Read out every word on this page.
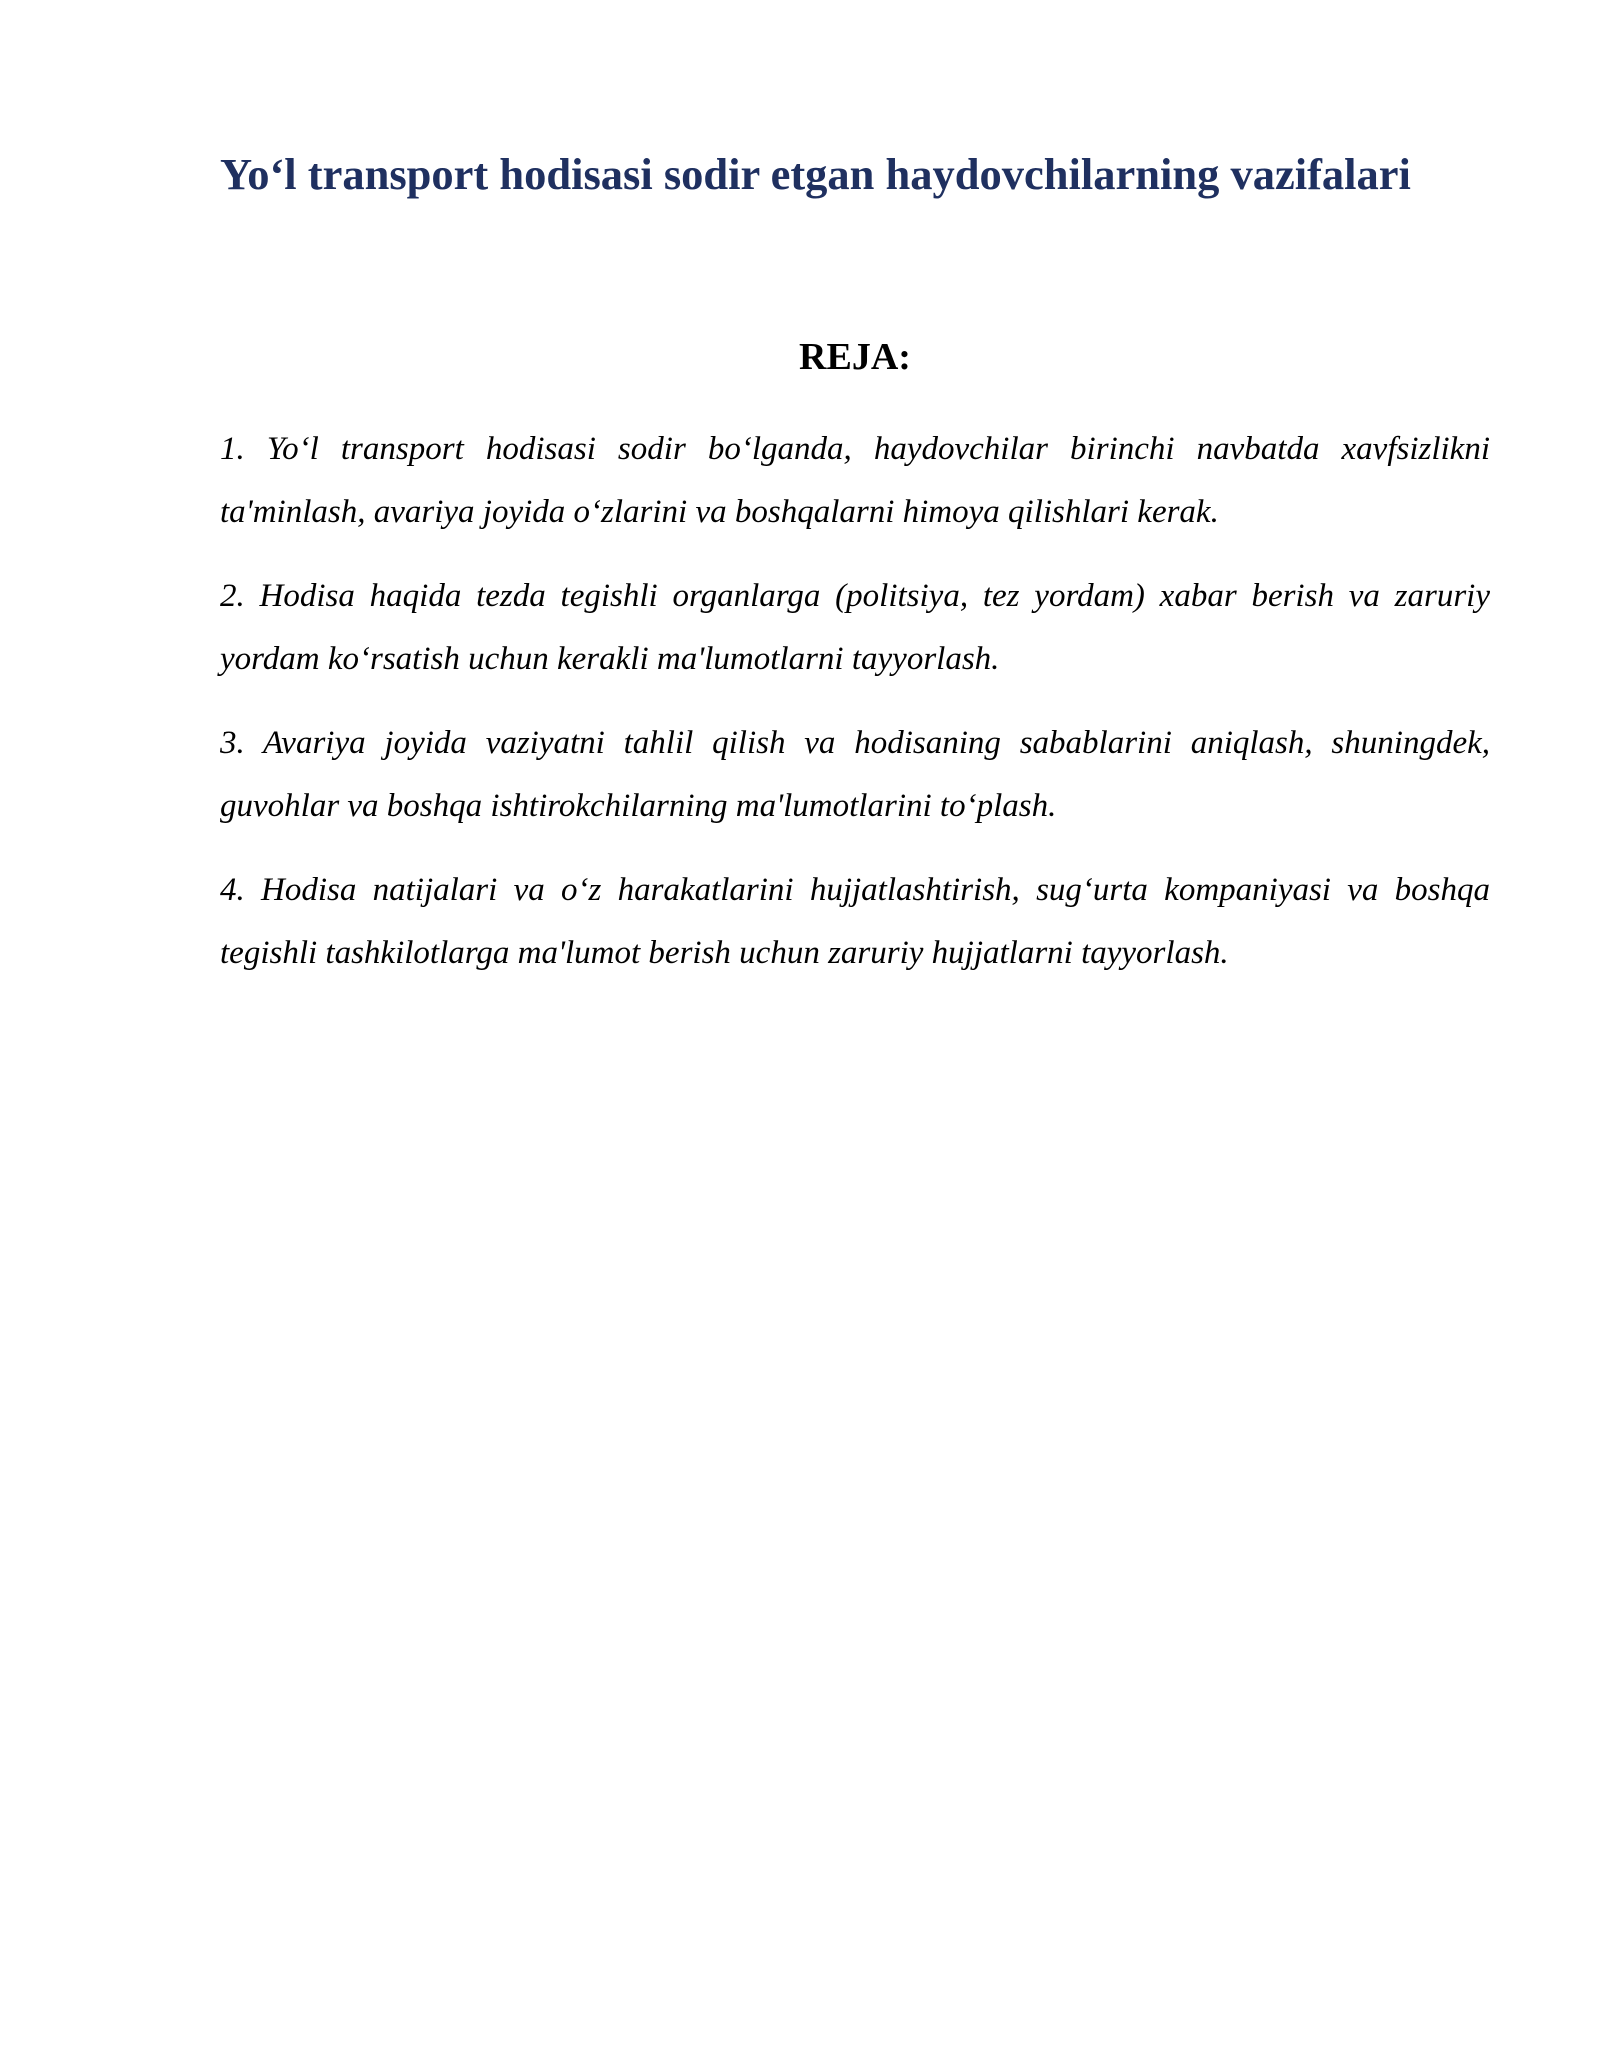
Yo‘l transport hodisasi sodir etgan haydovchilarning vazifalari
REJA:
1. Yo‘l transport hodisasi sodir bo‘lganda, haydovchilar birinchi navbatda xavfsizlikni ta'minlash, avariya joyida o‘zlarini va boshqalarni himoya qilishlari kerak.
2. Hodisa haqida tezda tegishli organlarga (politsiya, tez yordam) xabar berish va zaruriy yordam ko‘rsatish uchun kerakli ma'lumotlarni tayyorlash.
3. Avariya joyida vaziyatni tahlil qilish va hodisaning sabablarini aniqlash, shuningdek, guvohlar va boshqa ishtirokchilarning ma'lumotlarini to‘plash.
4. Hodisa natijalari va o‘z harakatlarini hujjatlashtirish, sug‘urta kompaniyasi va boshqa tegishli tashkilotlarga ma'lumot berish uchun zaruriy hujjatlarni tayyorlash.
